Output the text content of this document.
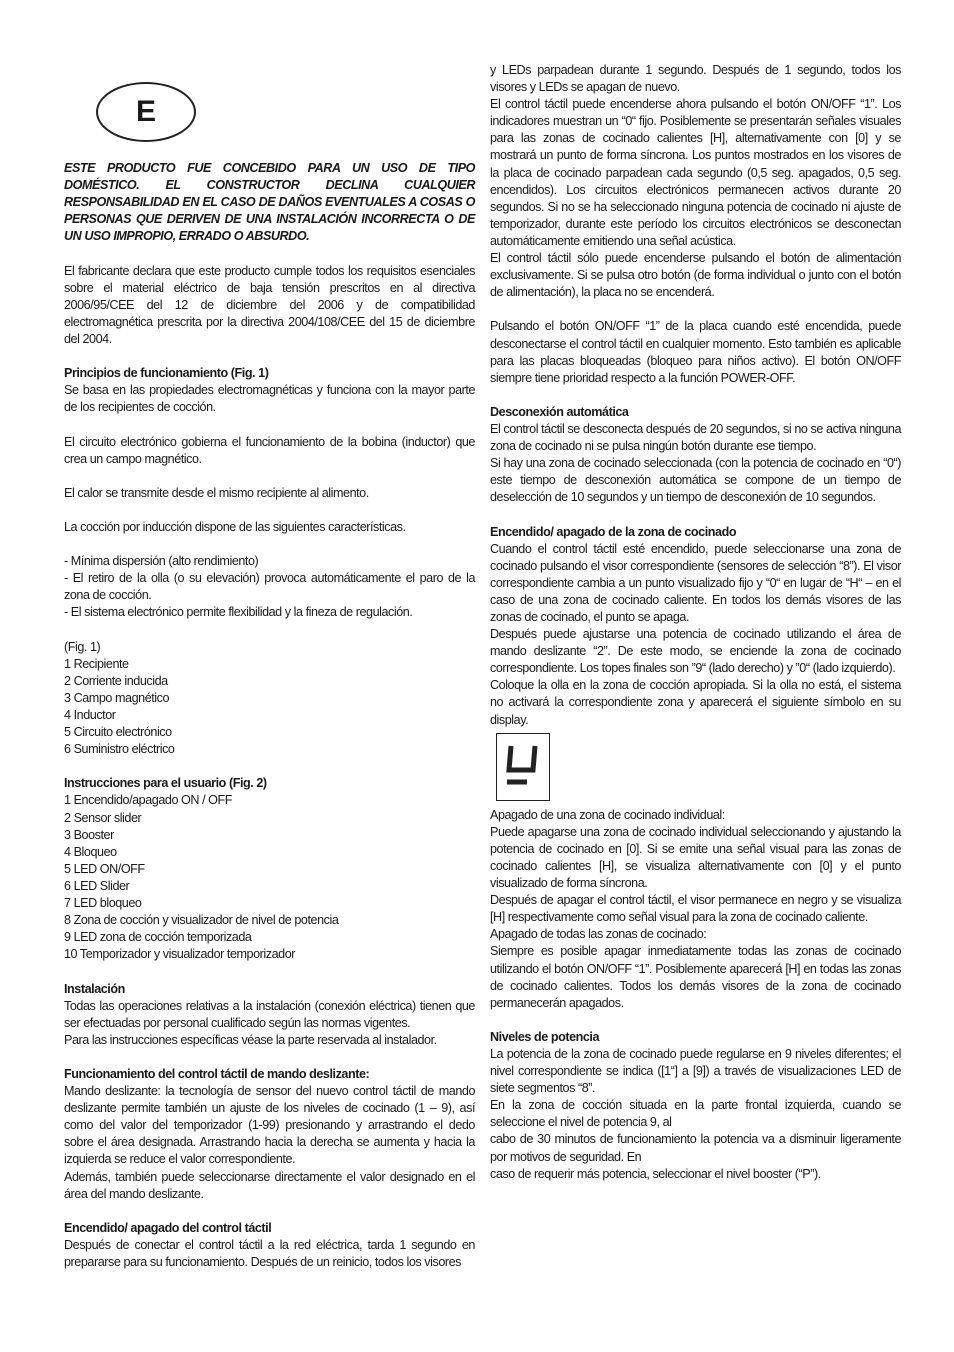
E

ESTE PRODUCTO FUE CONCEBIDO PARA UN USO DE TIPO DOMÉSTICO. EL CONSTRUCTOR DECLINA CUALQUIER RESPONSABILIDAD EN EL CASO DE DAÑOS EVENTUALES A COSAS O PERSONAS QUE DERIVEN DE UNA INSTALACIÓN INCORRECTA O DE UN USO IMPROPIO, ERRADO O ABSURDO.

El fabricante declara que este producto cumple todos los requisitos esenciales sobre el material eléctrico de baja tensión prescritos en al directiva 2006/95/CEE del 12 de diciembre del 2006 y de compatibilidad electromagnética prescrita por la directiva 2004/108/CEE del 15 de diciembre del 2004.

Principios de funcionamiento (Fig. 1)

Se basa en las propiedades electromagnéticas y funciona con la mayor parte de los recipientes de cocción.

El circuito electrónico gobierna el funcionamiento de la bobina (inductor) que crea un campo magnético.

El calor se transmite desde el mismo recipiente al alimento.

La cocción por inducción dispone de las siguientes características.

- Mínima dispersión (alto rendimiento)

- El retiro de la olla (o su elevación) provoca automáticamente el paro de la zona de cocción.

- El sistema electrónico permite flexibilidad y la fineza de regulación.

(Fig. 1)

1 Recipiente

2 Corriente inducida

3 Campo magnético

4 Inductor

5 Circuito electrónico

6 Suministro eléctrico

Instrucciones para el usuario (Fig. 2)

1 Encendido/apagado ON / OFF

2 Sensor slider

3 Booster

4 Bloqueo

5 LED ON/OFF

6 LED Slider

7 LED bloqueo

8 Zona de cocción y visualizador de nivel de potencia

9 LED zona de cocción temporizada

10 Temporizador y visualizador temporizador

Instalación

Todas las operaciones relativas a la instalación (conexión eléctrica) tienen que ser efectuadas por personal cualificado según las normas vigentes.

Para las instrucciones específicas véase la parte reservada al instalador.

Funcionamiento del control táctil de mando deslizante:

Mando deslizante: la tecnología de sensor del nuevo control táctil de mando deslizante permite también un ajuste de los niveles de cocinado (1 – 9), así como del valor del temporizador (1-99) presionando y arrastrando el dedo sobre el área designada. Arrastrando hacia la derecha se aumenta y hacia la izquierda se reduce el valor correspondiente.

Además, también puede seleccionarse directamente el valor designado en el área del mando deslizante.

Encendido/ apagado del control táctil

Después de conectar el control táctil a la red eléctrica, tarda 1 segundo en prepararse para su funcionamiento. Después de un reinicio, todos los visores

y LEDs parpadean durante 1 segundo. Después de 1 segundo, todos los visores y LEDs se apagan de nuevo.

El control táctil puede encenderse ahora pulsando el botón ON/OFF “1”. Los indicadores muestran un “0“ fijo. Posiblemente se presentarán señales visuales para las zonas de cocinado calientes [H], alternativamente con [0] y se mostrará un punto de forma síncrona. Los puntos mostrados en los visores de la placa de cocinado parpadean cada segundo (0,5 seg. apagados, 0,5 seg. encendidos). Los circuitos electrónicos permanecen activos durante 20 segundos. Si no se ha seleccionado ninguna potencia de cocinado ni ajuste de temporizador, durante este período los circuitos electrónicos se desconectan automáticamente emitiendo una señal acústica.

El control táctil sólo puede encenderse pulsando el botón de alimentación exclusivamente. Si se pulsa otro botón (de forma individual o junto con el botón de alimentación), la placa no se encenderá.

Pulsando el botón ON/OFF “1” de la placa cuando esté encendida, puede desconectarse el control táctil en cualquier momento. Esto también es aplicable para las placas bloqueadas (bloqueo para niños activo). El botón ON/OFF siempre tiene prioridad respecto a la función POWER-OFF.

Desconexión automática

El control táctil se desconecta después de 20 segundos, si no se activa ninguna zona de cocinado ni se pulsa ningún botón durante ese tiempo.

Si hay una zona de cocinado seleccionada (con la potencia de cocinado en “0“) este tiempo de desconexión automática se compone de un tiempo de deselección de 10 segundos y un tiempo de desconexión de 10 segundos.

Encendido/ apagado de la zona de cocinado

Cuando el control táctil esté encendido, puede seleccionarse una zona de cocinado pulsando el visor correspondiente (sensores de selección “8”). El visor correspondiente cambia a un punto visualizado fijo y “0“ en lugar de “H“ – en el caso de una zona de cocinado caliente. En todos los demás visores de las zonas de cocinado, el punto se apaga.

Después puede ajustarse una potencia de cocinado utilizando el área de mando deslizante “2”. De este modo, se enciende la zona de cocinado correspondiente. Los topes finales son ”9“ (lado derecho) y ”0“ (lado izquierdo).

Coloque la olla en la zona de cocción apropiada. Si la olla no está, el sistema no activará la correspondiente zona y aparecerá el siguiente símbolo en su display.

Apagado de una zona de cocinado individual:

Puede apagarse una zona de cocinado individual seleccionando y ajustando la potencia de cocinado en [0]. Si se emite una señal visual para las zonas de cocinado calientes [H], se visualiza alternativamente con [0] y el punto visualizado de forma síncrona.

Después de apagar el control táctil, el visor permanece en negro y se visualiza [H] respectivamente como señal visual para la zona de cocinado caliente.

Apagado de todas las zonas de cocinado:

Siempre es posible apagar inmediatamente todas las zonas de cocinado utilizando el botón ON/OFF “1”. Posiblemente aparecerá [H] en todas las zonas de cocinado calientes. Todos los demás visores de la zona de cocinado permanecerán apagados.

Niveles de potencia

La potencia de la zona de cocinado puede regularse en 9 niveles diferentes; el nivel correspondiente se indica ([1“] a [9]) a través de visualizaciones LED de siete segmentos “8”.

En la zona de cocción situada en la parte frontal izquierda, cuando se seleccione el nivel de potencia 9, al

cabo de 30 minutos de funcionamiento la potencia va a disminuir ligeramente por motivos de seguridad. En

caso de requerir más potencia, seleccionar el nivel booster (“P”).
